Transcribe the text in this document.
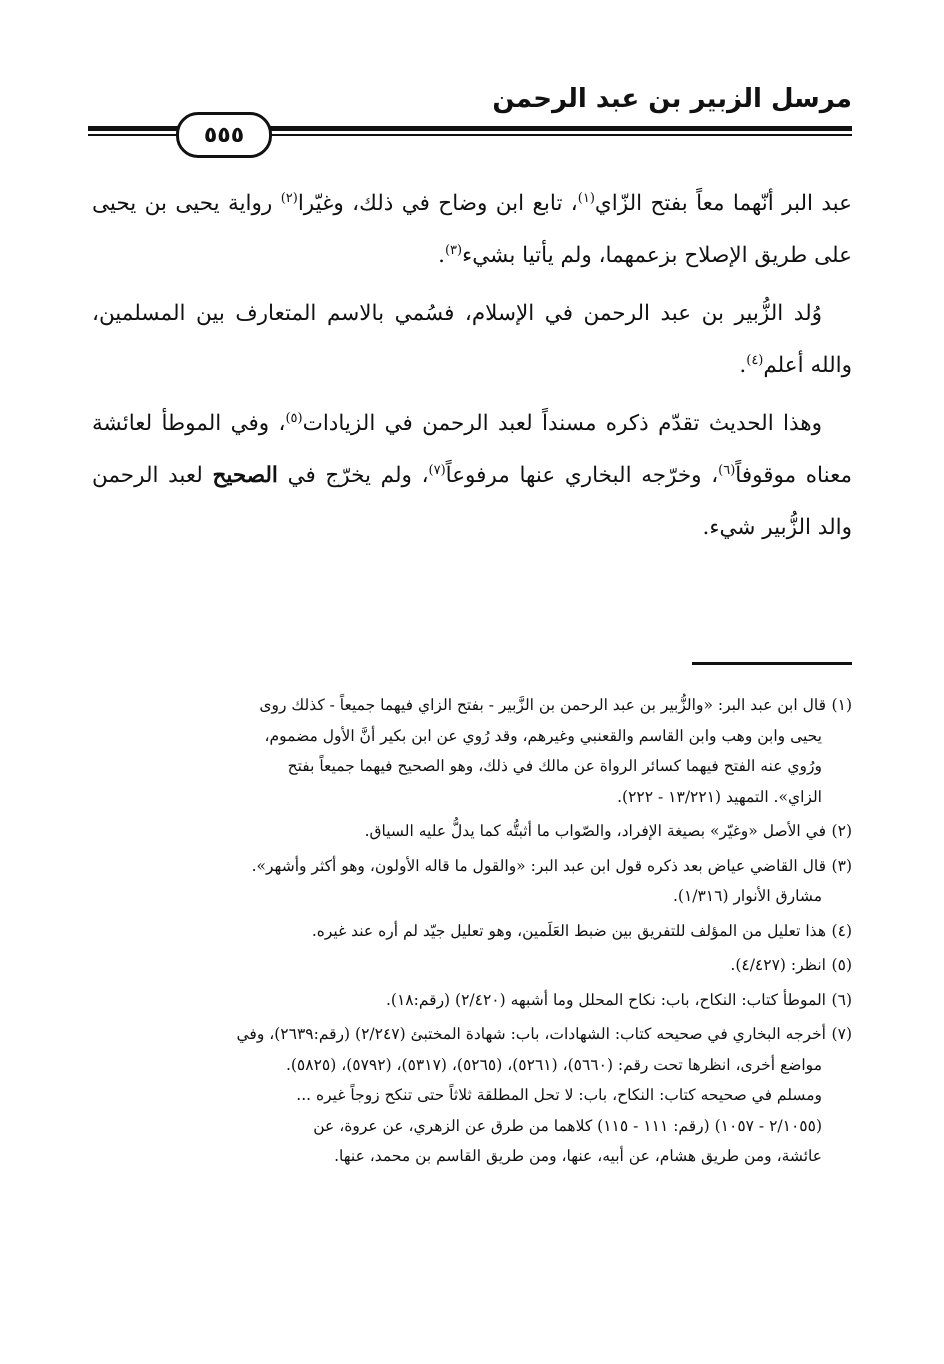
مرسل الزبير بن عبد الرحمن
٥٥٥

عبد البر أنّهما معاً بفتح الزّاي$^{(١)}$، تابع ابن وضاح في ذلك، وغيّرا$^{(٢)}$ رواية يحيى بن يحيى على طريق الإصلاح بزعمهما، ولم يأتيا بشيء$^{(٣)}$.

وُلد الزُّبير بن عبد الرحمن في الإسلام، فسُمي بالاسم المتعارف بين المسلمين، والله أعلم$^{(٤)}$.

وهذا الحديث تقدّم ذكره مسنداً لعبد الرحمن في الزيادات$^{(٥)}$، وفي الموطأ لعائشة معناه موقوفاً$^{(٦)}$، وخرّجه البخاري عنها مرفوعاً$^{(٧)}$، ولم يخرّج في الصحيح لعبد الرحمن والد الزُّبير شيء.

(١)قال ابن عبد البر: «والزُّبير بن عبد الرحمن بن الزَّبير - بفتح الزاي فيهما جميعاً - كذلك روى
يحيى وابن وهب وابن القاسم والقعنبي وغيرهم، وقد رُوي عن ابن بكير أنَّ الأول مضموم،
ورُوي عنه الفتح فيهما كسائر الرواة عن مالك في ذلك، وهو الصحيح فيهما جميعاً بفتح
الزاي». التمهيد (١٣/٢٢١ - ٢٢٢).
(٢)في الأصل «وغيّر» بصيغة الإفراد، والصّواب ما أثبتُّه كما يدلُّ عليه السياق.
(٣)قال القاضي عياض بعد ذكره قول ابن عبد البر: «والقول ما قاله الأولون، وهو أكثر وأشهر».
مشارق الأنوار (١/٣١٦).
(٤)هذا تعليل من المؤلف للتفريق بين ضبط العَلَمين، وهو تعليل جيّد لم أره عند غيره.
(٥)انظر: (٤/٤٢٧).
(٦)الموطأ كتاب: النكاح، باب: نكاح المحلل وما أشبهه (٢/٤٢٠) (رقم:١٨).
(٧)أخرجه البخاري في صحيحه كتاب: الشهادات، باب: شهادة المختبئ (٢/٢٤٧) (رقم:٢٦٣٩)، وفي
مواضع أخرى، انظرها تحت رقم: (٥٦٦٠)، (٥٢٦١)، (٥٢٦٥)، (٥٣١٧)، (٥٧٩٢)، (٥٨٢٥).
ومسلم في صحيحه كتاب: النكاح، باب: لا تحل المطلقة ثلاثاً حتى تنكح زوجاً غيره ...
(٢/١٠٥٥ - ١٠٥٧) (رقم: ١١١ - ١١٥) كلاهما من طرق عن الزهري، عن عروة، عن
عائشة، ومن طريق هشام، عن أبيه، عنها، ومن طريق القاسم بن محمد، عنها.
